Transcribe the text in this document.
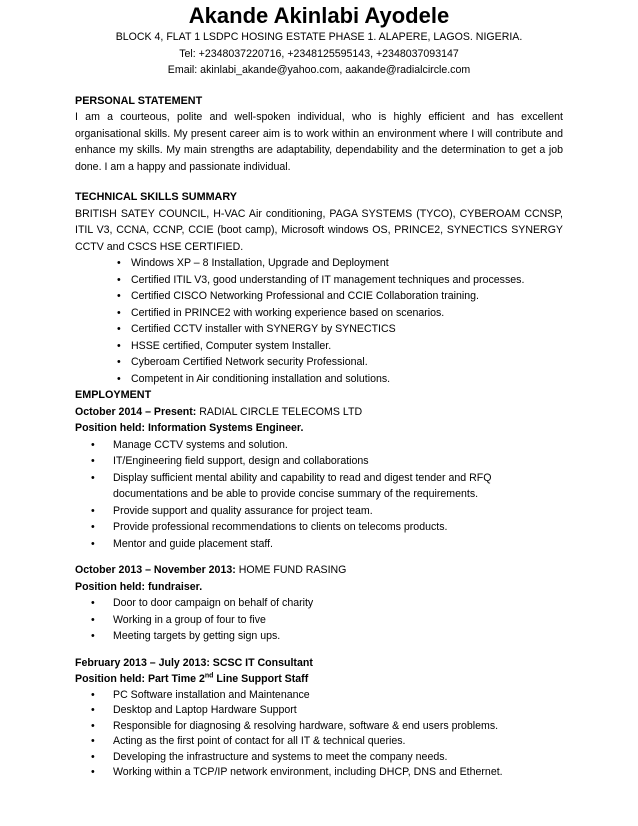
Akande Akinlabi Ayodele
BLOCK 4, FLAT 1 LSDPC HOSING ESTATE PHASE 1. ALAPERE, LAGOS. NIGERIA.
Tel: +2348037220716, +2348125595143, +2348037093147
Email: akinlabi_akande@yahoo.com, aakande@radialcircle.com
PERSONAL STATEMENT
I am a courteous, polite and well-spoken individual, who is highly efficient and has excellent organisational skills. My present career aim is to work within an environment where I will contribute and enhance my skills. My main strengths are adaptability, dependability and the determination to get a job done. I am a happy and passionate individual.
TECHNICAL SKILLS SUMMARY
BRITISH SATEY COUNCIL, H-VAC Air conditioning, PAGA SYSTEMS (TYCO), CYBEROAM CCNSP, ITIL V3, CCNA, CCNP, CCIE (boot camp), Microsoft windows OS, PRINCE2, SYNECTICS SYNERGY CCTV and CSCS HSE CERTIFIED.
• Windows XP – 8 Installation, Upgrade and Deployment
• Certified ITIL V3, good understanding of IT management techniques and processes.
• Certified CISCO Networking Professional and CCIE Collaboration training.
• Certified in PRINCE2 with working experience based on scenarios.
• Certified CCTV installer with SYNERGY by SYNECTICS
• HSSE certified, Computer system Installer.
• Cyberoam Certified Network security Professional.
• Competent in Air conditioning installation and solutions.
EMPLOYMENT
October 2014 – Present: RADIAL CIRCLE TELECOMS LTD
Position held: Information Systems Engineer.
• Manage CCTV systems and solution.
• IT/Engineering field support, design and collaborations
• Display sufficient mental ability and capability to read and digest tender and RFQ documentations and be able to provide concise summary of the requirements.
• Provide support and quality assurance for project team.
• Provide professional recommendations to clients on telecoms products.
• Mentor and guide placement staff.
October 2013 – November 2013: HOME FUND RASING
Position held: fundraiser.
• Door to door campaign on behalf of charity
• Working in a group of four to five
• Meeting targets by getting sign ups.
February 2013 – July 2013: SCSC IT Consultant
Position held: Part Time 2nd Line Support Staff
• PC Software installation and Maintenance
• Desktop and Laptop Hardware Support
• Responsible for diagnosing & resolving hardware, software & end users problems.
• Acting as the first point of contact for all IT & technical queries.
• Developing the infrastructure and systems to meet the company needs.
• Working within a TCP/IP network environment, including DHCP, DNS and Ethernet.
